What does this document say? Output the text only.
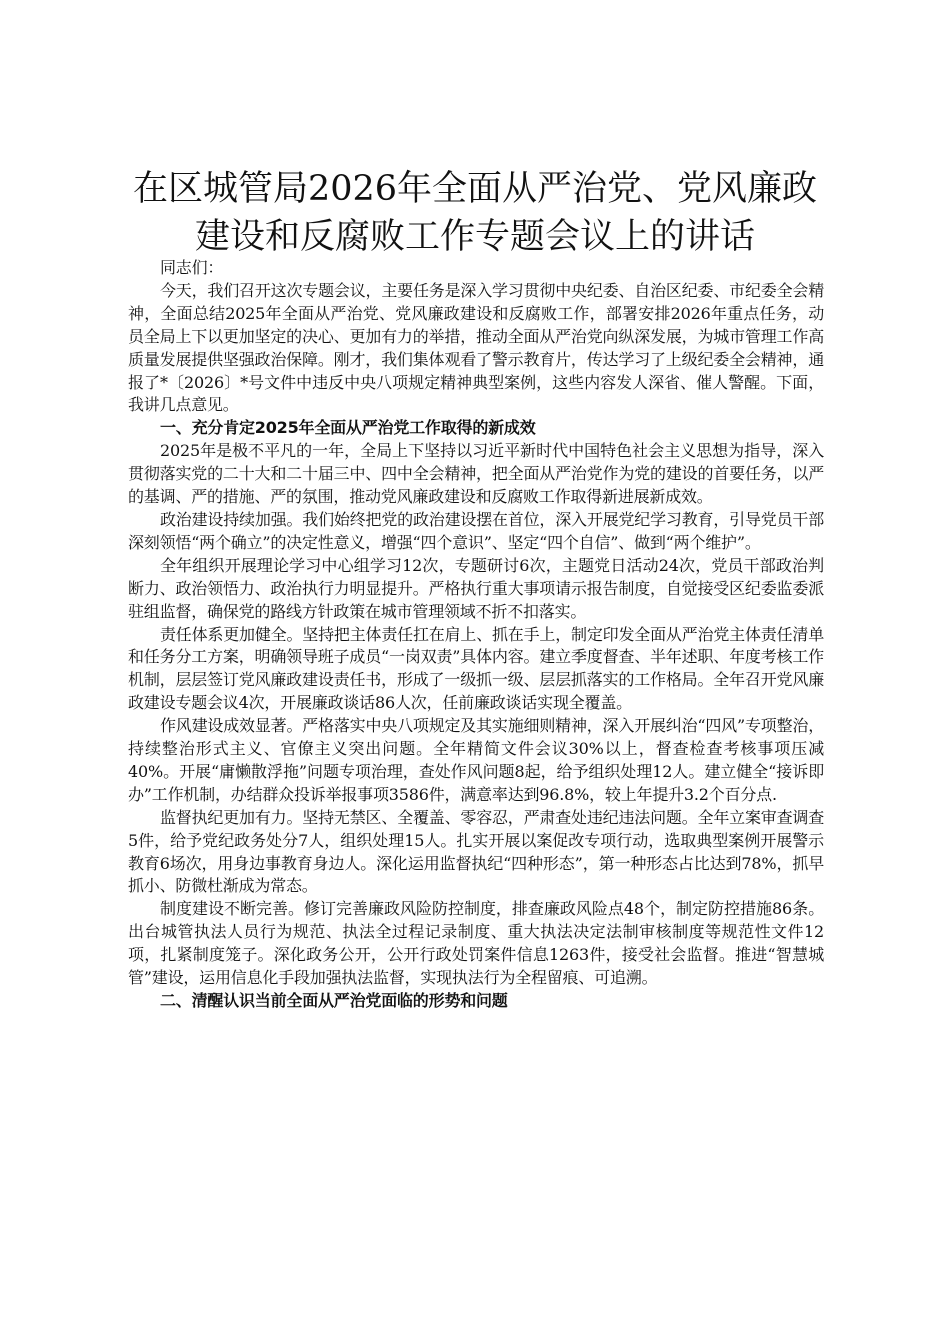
在区城管局2026年全面从严治党、党风廉政建设和反腐败工作专题会议上的讲话

同志们：

今天，我们召开这次专题会议，主要任务是深入学习贯彻中央纪委、自治区纪委、市纪委全会精神，全面总结2025年全面从严治党、党风廉政建设和反腐败工作，部署安排2026年重点任务，动员全局上下以更加坚定的决心、更加有力的举措，推动全面从严治党向纵深发展，为城市管理工作高质量发展提供坚强政治保障。刚才，我们集体观看了警示教育片，传达学习了上级纪委全会精神，通报了*〔2026〕*号文件中违反中央八项规定精神典型案例，这些内容发人深省、催人警醒。下面，我讲几点意见。

一、充分肯定2025年全面从严治党工作取得的新成效

2025年是极不平凡的一年，全局上下坚持以习近平新时代中国特色社会主义思想为指导，深入贯彻落实党的二十大和二十届三中、四中全会精神，把全面从严治党作为党的建设的首要任务，以严的基调、严的措施、严的氛围，推动党风廉政建设和反腐败工作取得新进展新成效。

政治建设持续加强。我们始终把党的政治建设摆在首位，深入开展党纪学习教育，引导党员干部深刻领悟“两个确立”的决定性意义，增强“四个意识”、坚定“四个自信”、做到“两个维护”。

全年组织开展理论学习中心组学习12次，专题研讨6次，主题党日活动24次，党员干部政治判断力、政治领悟力、政治执行力明显提升。严格执行重大事项请示报告制度，自觉接受区纪委监委派驻组监督，确保党的路线方针政策在城市管理领域不折不扣落实。

责任体系更加健全。坚持把主体责任扛在肩上、抓在手上，制定印发全面从严治党主体责任清单和任务分工方案，明确领导班子成员“一岗双责”具体内容。建立季度督查、半年述职、年度考核工作机制，层层签订党风廉政建设责任书，形成了一级抓一级、层层抓落实的工作格局。全年召开党风廉政建设专题会议4次，开展廉政谈话86人次，任前廉政谈话实现全覆盖。

作风建设成效显著。严格落实中央八项规定及其实施细则精神，深入开展纠治“四风”专项整治，持续整治形式主义、官僚主义突出问题。全年精简文件会议30%以上，督查检查考核事项压减40%。开展“庸懒散浮拖”问题专项治理，查处作风问题8起，给予组织处理12人。建立健全“接诉即办”工作机制，办结群众投诉举报事项3586件，满意率达到96.8%，较上年提升3.2个百分点.

监督执纪更加有力。坚持无禁区、全覆盖、零容忍，严肃查处违纪违法问题。全年立案审查调查5件，给予党纪政务处分7人，组织处理15人。扎实开展以案促改专项行动，选取典型案例开展警示教育6场次，用身边事教育身边人。深化运用监督执纪“四种形态”，第一种形态占比达到78%，抓早抓小、防微杜渐成为常态。

制度建设不断完善。修订完善廉政风险防控制度，排查廉政风险点48个，制定防控措施86条。出台城管执法人员行为规范、执法全过程记录制度、重大执法决定法制审核制度等规范性文件12项，扎紧制度笼子。深化政务公开，公开行政处罚案件信息1263件，接受社会监督。推进“智慧城管”建设，运用信息化手段加强执法监督，实现执法行为全程留痕、可追溯。

二、清醒认识当前全面从严治党面临的形势和问题
